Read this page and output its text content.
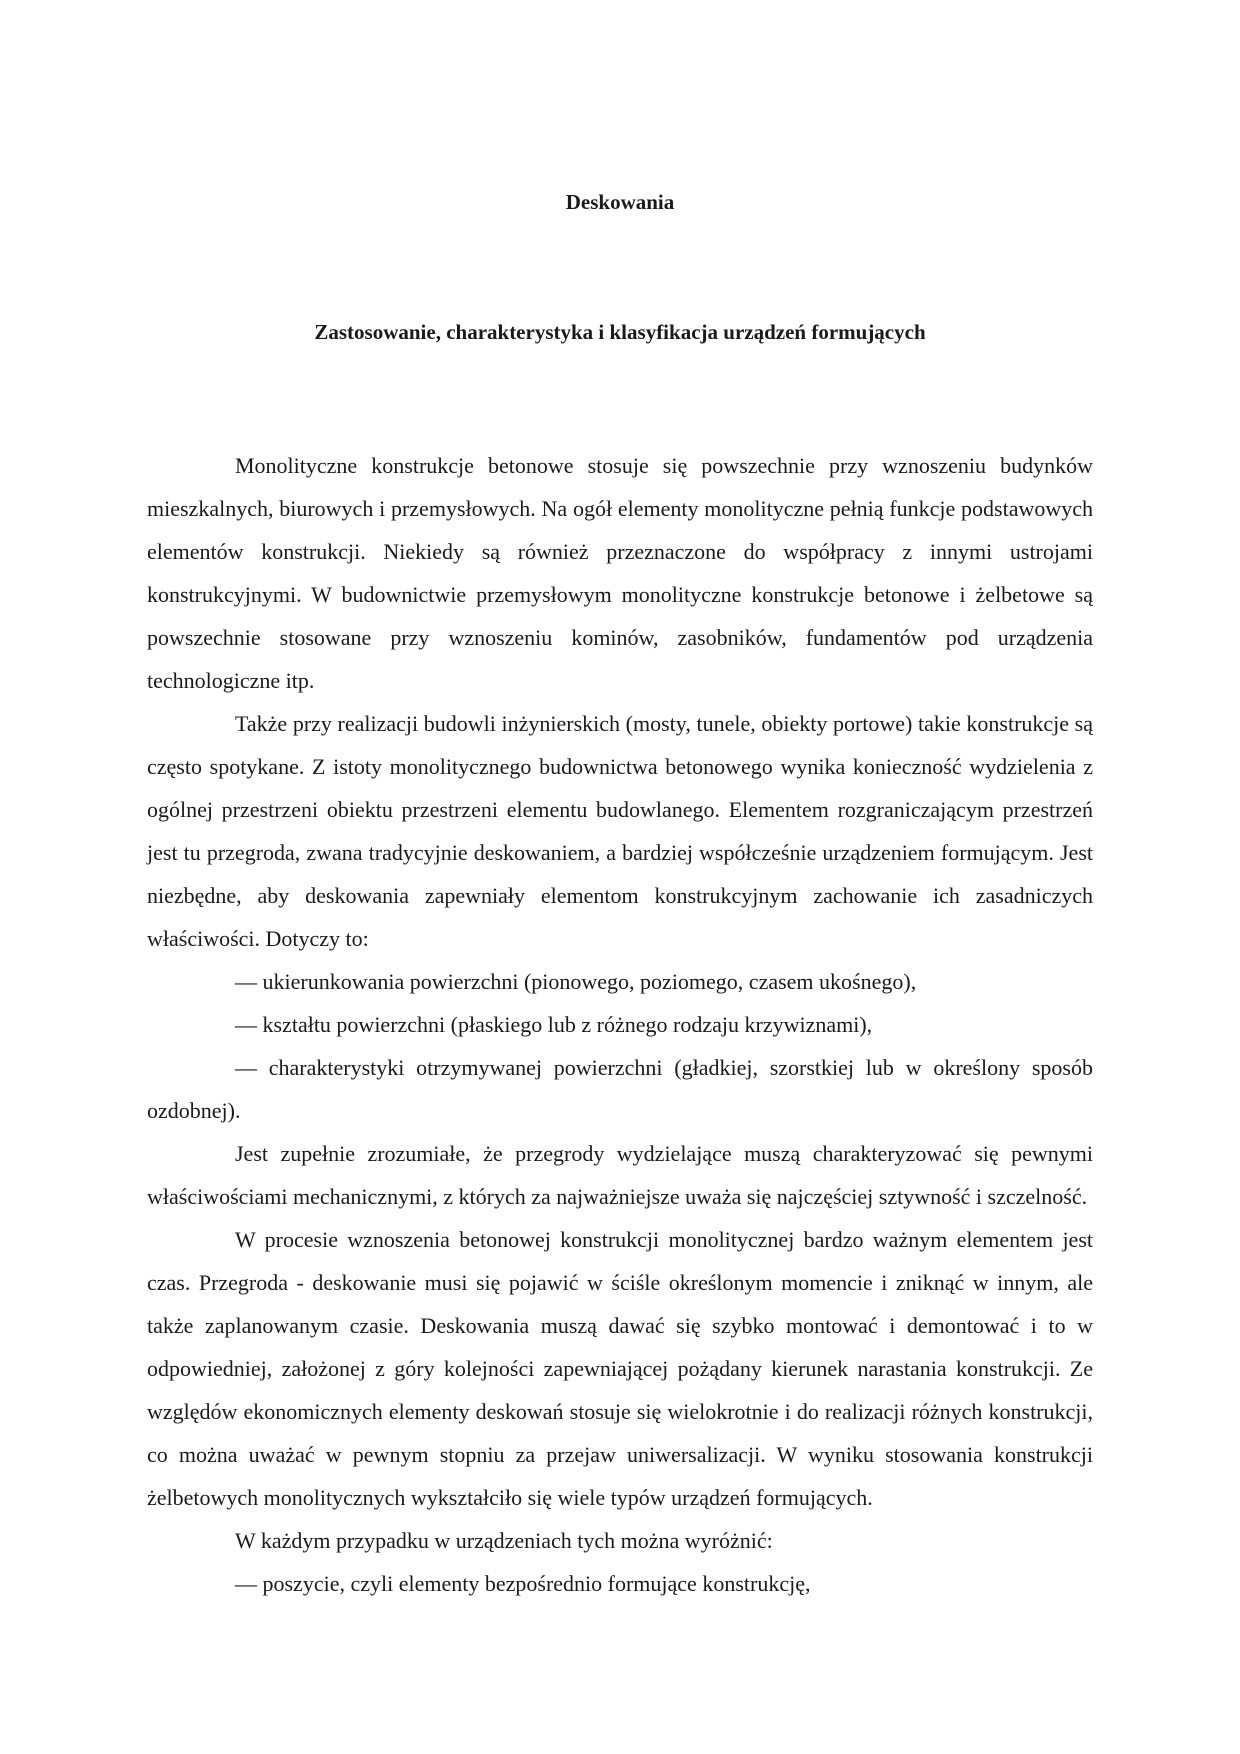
Deskowania
Zastosowanie, charakterystyka i klasyfikacja urządzeń formujących

Monolityczne konstrukcje betonowe stosuje się powszechnie przy wznoszeniu budynków mieszkalnych, biurowych i przemysłowych. Na ogół elementy monolityczne pełnią funkcje podstawowych elementów konstrukcji. Niekiedy są również przeznaczone do współpracy z innymi ustrojami konstrukcyjnymi. W budownictwie przemysłowym monolityczne konstrukcje betonowe i żelbetowe są powszechnie stosowane przy wznoszeniu kominów, zasobników, fundamentów pod urządzenia technologiczne itp.

Także przy realizacji budowli inżynierskich (mosty, tunele, obiekty portowe) takie konstrukcje są często spotykane. Z istoty monolitycznego budownictwa betonowego wynika konieczność wydzielenia z ogólnej przestrzeni obiektu przestrzeni elementu budowlanego. Elementem rozgraniczającym przestrzeń jest tu przegroda, zwana tradycyjnie deskowaniem, a bardziej współcześnie urządzeniem formującym. Jest niezbędne, aby deskowania zapewniały elementom konstrukcyjnym zachowanie ich zasadniczych właściwości. Dotyczy to:

— ukierunkowania powierzchni (pionowego, poziomego, czasem ukośnego),

— kształtu powierzchni (płaskiego lub z różnego rodzaju krzywiznami),

— charakterystyki otrzymywanej powierzchni (gładkiej, szorstkiej lub w określony sposób ozdobnej).

Jest zupełnie zrozumiałe, że przegrody wydzielające muszą charakteryzować się pewnymi właściwościami mechanicznymi, z których za najważniejsze uważa się najczęściej sztywność i szczelność.

W procesie wznoszenia betonowej konstrukcji monolitycznej bardzo ważnym elementem jest czas. Przegroda - deskowanie musi się pojawić w ściśle określonym momencie i zniknąć w innym, ale także zaplanowanym czasie. Deskowania muszą dawać się szybko montować i demontować i to w odpowiedniej, założonej z góry kolejności zapewniającej pożądany kierunek narastania konstrukcji. Ze względów ekonomicznych elementy deskowań stosuje się wielokrotnie i do realizacji różnych konstrukcji, co można uważać w pewnym stopniu za przejaw uniwersalizacji. W wyniku stosowania konstrukcji żelbetowych monolitycznych wykształciło się wiele typów urządzeń formujących.

W każdym przypadku w urządzeniach tych można wyróżnić:

— poszycie, czyli elementy bezpośrednio formujące konstrukcję,
